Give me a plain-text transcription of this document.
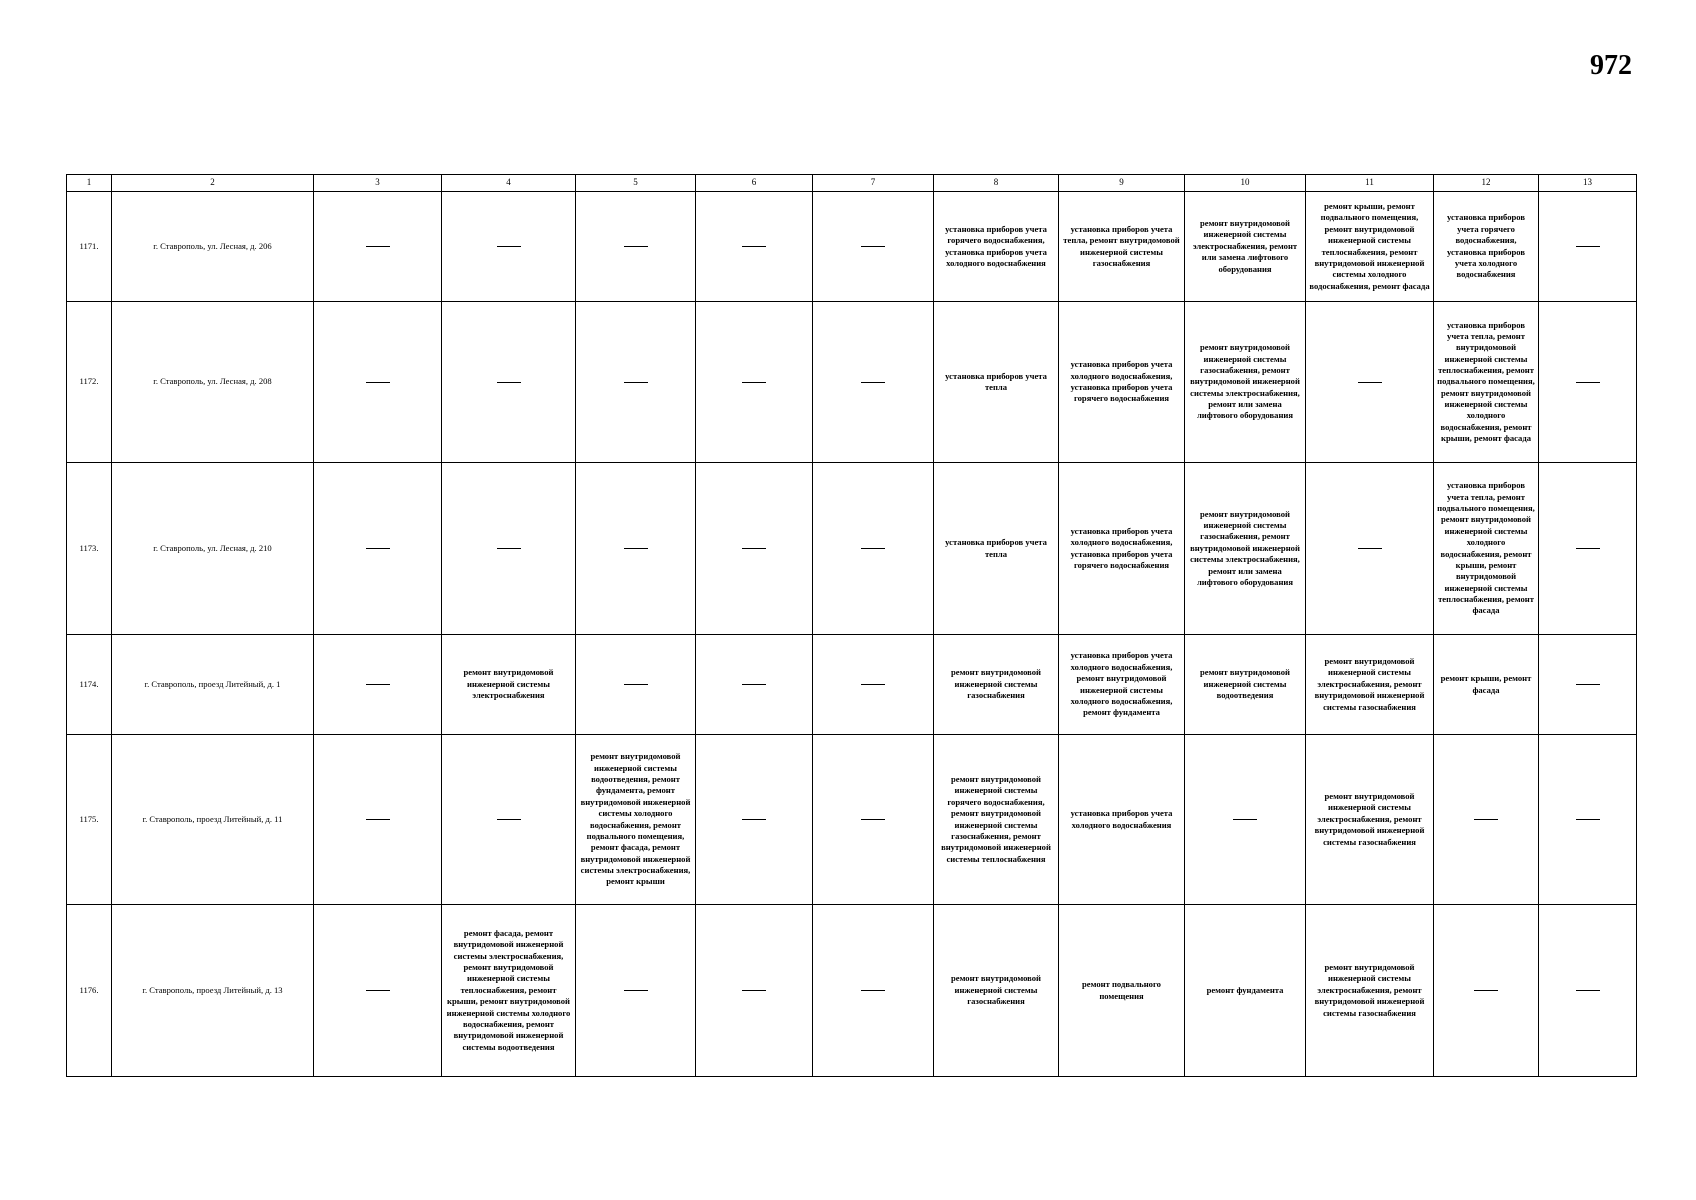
972
1	2	3	4	5	6	7	8	9	10	11	12	13
1171.	г. Ставрополь, ул. Лесная, д. 206						установка приборов учета горячего водоснабжения, установка приборов учета холодного водоснабжения	установка приборов учета тепла, ремонт внутридомовой инженерной системы газоснабжения	ремонт внутридомовой инженерной системы электроснабжения, ремонт или замена лифтового оборудования	ремонт крыши, ремонт подвального помещения, ремонт внутридомовой инженерной системы теплоснабжения, ремонт внутридомовой инженерной системы холодного водоснабжения, ремонт фасада	установка приборов учета горячего водоснабжения, установка приборов учета холодного водоснабжения	
1172.	г. Ставрополь, ул. Лесная, д. 208						установка приборов учета тепла	установка приборов учета холодного водоснабжения, установка приборов учета горячего водоснабжения	ремонт внутридомовой инженерной системы газоснабжения, ремонт внутридомовой инженерной системы электроснабжения, ремонт или замена лифтового оборудования		установка приборов учета тепла, ремонт внутридомовой инженерной системы теплоснабжения, ремонт подвального помещения, ремонт внутридомовой инженерной системы холодного водоснабжения, ремонт крыши, ремонт фасада	
1173.	г. Ставрополь, ул. Лесная, д. 210						установка приборов учета тепла	установка приборов учета холодного водоснабжения, установка приборов учета горячего водоснабжения	ремонт внутридомовой инженерной системы газоснабжения, ремонт внутридомовой инженерной системы электроснабжения, ремонт или замена лифтового оборудования		установка приборов учета тепла, ремонт подвального помещения, ремонт внутридомовой инженерной системы холодного водоснабжения, ремонт крыши, ремонт внутридомовой инженерной системы теплоснабжения, ремонт фасада	
1174.	г. Ставрополь, проезд Литейный, д. 1		ремонт внутридомовой инженерной системы электроснабжения				ремонт внутридомовой инженерной системы газоснабжения	установка приборов учета холодного водоснабжения, ремонт внутридомовой инженерной системы холодного водоснабжения, ремонт фундамента	ремонт внутридомовой инженерной системы водоотведения	ремонт внутридомовой инженерной системы электроснабжения, ремонт внутридомовой инженерной системы газоснабжения	ремонт крыши, ремонт фасада	
1175.	г. Ставрополь, проезд Литейный, д. 11			ремонт внутридомовой инженерной системы водоотведения, ремонт фундамента, ремонт внутридомовой инженерной системы холодного водоснабжения, ремонт подвального помещения, ремонт фасада, ремонт внутридомовой инженерной системы электроснабжения, ремонт крыши			ремонт внутридомовой инженерной системы горячего водоснабжения, ремонт внутридомовой инженерной системы газоснабжения, ремонт внутридомовой инженерной системы теплоснабжения	установка приборов учета холодного водоснабжения		ремонт внутридомовой инженерной системы электроснабжения, ремонт внутридомовой инженерной системы газоснабжения		
1176.	г. Ставрополь, проезд Литейный, д. 13		ремонт фасада, ремонт внутридомовой инженерной системы электроснабжения, ремонт внутридомовой инженерной системы теплоснабжения, ремонт крыши, ремонт внутридомовой инженерной системы холодного водоснабжения, ремонт внутридомовой инженерной системы водоотведения				ремонт внутридомовой инженерной системы газоснабжения	ремонт подвального помещения	ремонт фундамента	ремонт внутридомовой инженерной системы электроснабжения, ремонт внутридомовой инженерной системы газоснабжения		
